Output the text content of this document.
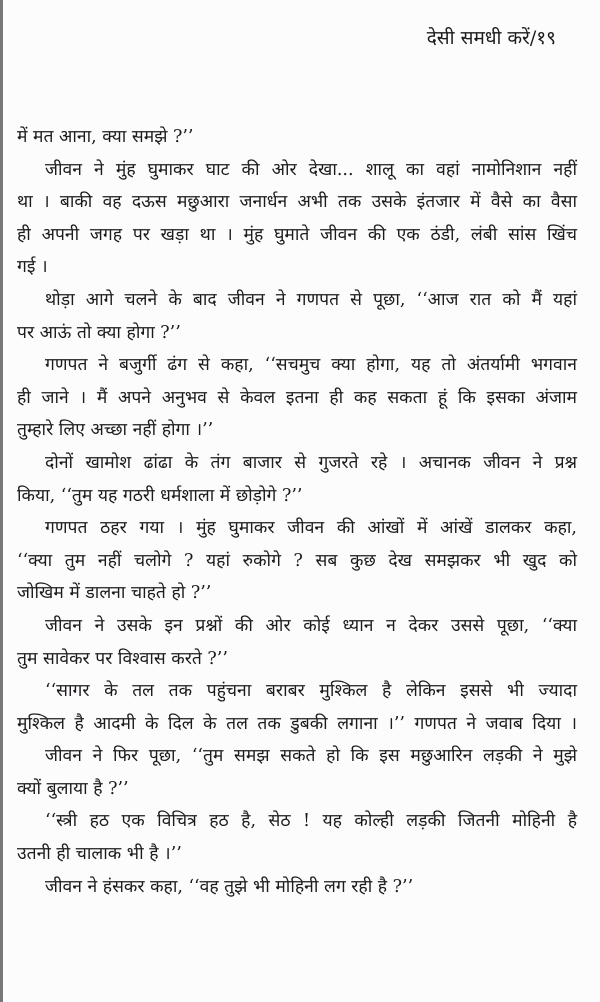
देसी समधी करें/१९
में मत आना, क्या समझे ?’’
जीवन ने मुंह घुमाकर घाट की ओर देखा... शालू का वहां नामोनिशान नहीं
था । बाकी वह दऊस मछुआरा जनार्धन अभी तक उसके इंतजार में वैसे का वैसा
ही अपनी जगह पर खड़ा था । मुंह घुमाते जीवन की एक ठंडी, लंबी सांस खिंच
गई ।
थोड़ा आगे चलने के बाद जीवन ने गणपत से पूछा, ‘‘आज रात को मैं यहां
पर आऊं तो क्या होगा ?’’
गणपत ने बजुर्गी ढंग से कहा, ‘‘सचमुच क्या होगा, यह तो अंतर्यामी भगवान
ही जाने । मैं अपने अनुभव से केवल इतना ही कह सकता हूं कि इसका अंजाम
तुम्हारे लिए अच्छा नहीं होगा ।’’
दोनों खामोश ढांढा के तंग बाजार से गुजरते रहे । अचानक जीवन ने प्रश्न
किया, ‘‘तुम यह गठरी धर्मशाला में छोड़ोगे ?’’
गणपत ठहर गया । मुंह घुमाकर जीवन की आंखों में आंखें डालकर कहा,
‘‘क्या तुम नहीं चलोगे ? यहां रुकोगे ? सब कुछ देख समझकर भी खुद को
जोखिम में डालना चाहते हो ?’’
जीवन ने उसके इन प्रश्नों की ओर कोई ध्यान न देकर उससे पूछा, ‘‘क्या
तुम सावेकर पर विश्वास करते ?’’
‘‘सागर के तल तक पहुंचना बराबर मुश्किल है लेकिन इससे भी ज्यादा
मुश्किल है आदमी के दिल के तल तक डुबकी लगाना ।’’ गणपत ने जवाब दिया ।
जीवन ने फिर पूछा, ‘‘तुम समझ सकते हो कि इस मछुआरिन लड़की ने मुझे
क्यों बुलाया है ?’’
‘‘स्त्री हठ एक विचित्र हठ है, सेठ ! यह कोल्ही लड़की जितनी मोहिनी है
उतनी ही चालाक भी है ।’’
जीवन ने हंसकर कहा, ‘‘वह तुझे भी मोहिनी लग रही है ?’’
